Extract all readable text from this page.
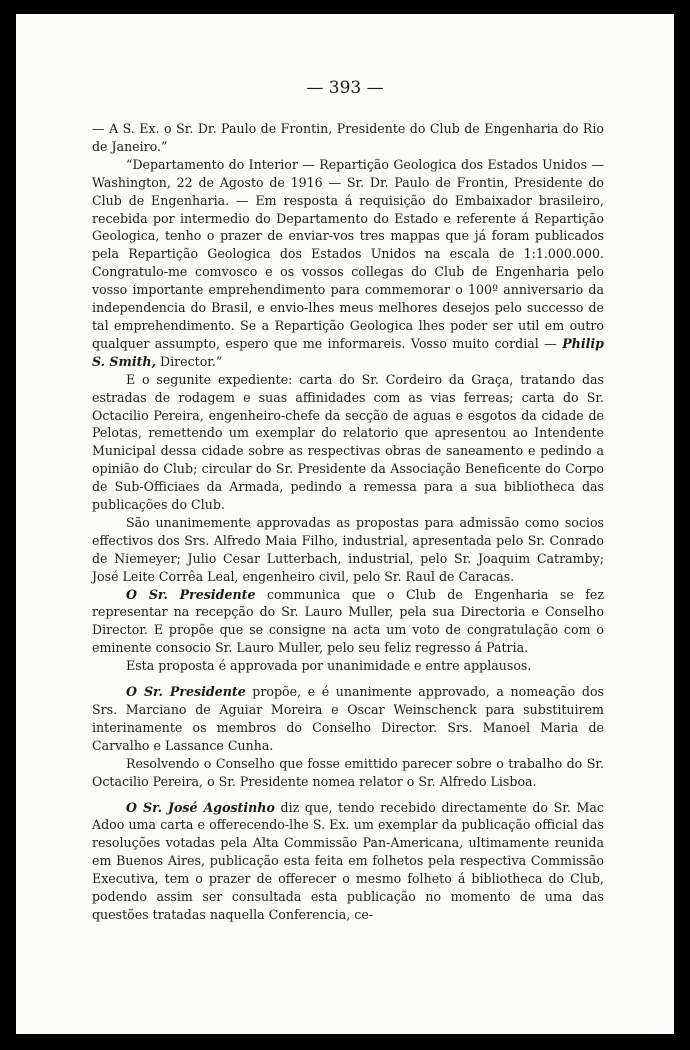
— 393 —

— A S. Ex. o Sr. Dr. Paulo de Frontin, Presidente do Club de Engenharia do Rio de Janeiro.”

“Departamento do Interior — Repartição Geologica dos Estados Unidos — Washington, 22 de Agosto de 1916 — Sr. Dr. Paulo de Frontin, Presidente do Club de Engenharia. — Em resposta á requisição do Embaixador brasileiro, recebida por intermedio do Departamento do Estado e referente á Repartição Geologica, tenho o prazer de enviar-vos tres mappas que já foram publicados pela Repartição Geologica dos Estados Unidos na escala de 1:1.000.000. Congratulo-me comvosco e os vossos collegas do Club de Engenharia pelo vosso importante emprehendimento para commemorar o 100º anniversario da independencia do Brasil, e envio-lhes meus melhores desejos pelo successo de tal emprehendimento. Se a Repartição Geologica lhes poder ser util em outro qualquer assumpto, espero que me informareis. Vosso muito cordial — Philip S. Smith, Director.”

E o segunite expediente: carta do Sr. Cordeiro da Graça, tratando das estradas de rodagem e suas affinidades com as vias ferreas; carta do Sr. Octacilio Pereira, engenheiro-chefe da secção de aguas e esgotos da cidade de Pelotas, remettendo um exemplar do relatorio que apresentou ao Intendente Municipal dessa cidade sobre as respectivas obras de saneamento e pedindo a opinião do Club; circular do Sr. Presidente da Associação Beneficente do Corpo de Sub-Officiaes da Armada, pedindo a remessa para a sua bibliotheca das publicações do Club.

São unanimemente approvadas as propostas para admissão como socios effectivos dos Srs. Alfredo Maia Filho, industrial, apresentada pelo Sr. Conrado de Niemeyer; Julio Cesar Lutterbach, industrial, pelo Sr. Joaquim Catramby; José Leite Corrêa Leal, engenheiro civil, pelo Sr. Raul de Caracas.

O Sr. Presidente communica que o Club de Engenharia se fez representar na recepção do Sr. Lauro Muller, pela sua Directoria e Conselho Director. E propõe que se consigne na acta um voto de congratulação com o eminente consocio Sr. Lauro Muller, pelo seu feliz regresso á Patria.

Esta proposta é approvada por unanimidade e entre applausos.

O Sr. Presidente propõe, e é unanimente approvado, a nomeação dos Srs. Marciano de Aguiar Moreira e Oscar Weinschenck para substituirem interinamente os membros do Conselho Director. Srs. Manoel Maria de Carvalho e Lassance Cunha.

Resolvendo o Conselho que fosse emittido parecer sobre o trabalho do Sr. Octacilio Pereira, o Sr. Presidente nomea relator o Sr. Alfredo Lisboa.

O Sr. José Agostinho diz que, tendo recebido directamente do Sr. Mac Adoo uma carta e offerecendo-lhe S. Ex. um exemplar da publicação official das resoluções votadas pela Alta Commissão Pan-Americana, ultimamente reunida em Buenos Aires, publicação esta feita em folhetos pela respectiva Commissão Executiva, tem o prazer de offerecer o mesmo folheto á bibliotheca do Club, podendo assim ser consultada esta publicação no momento de uma das questões tratadas naquella Conferencia, ce-
